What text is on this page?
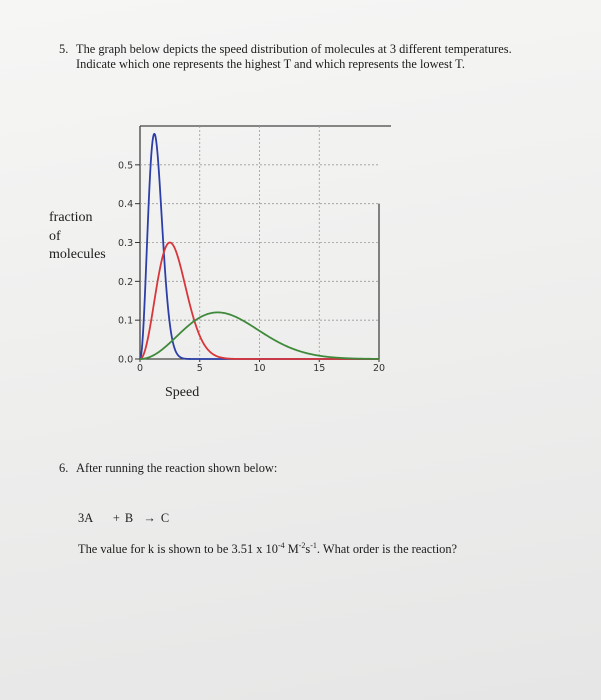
5. The graph below depicts the speed distribution of molecules at 3 different temperatures.
Indicate which one represents the highest T and which represents the lowest T.
fraction
of
molecules
0.0
0.1
0.2
0.3
0.4
0.5
0	5	10	15	20
Speed
6. After running the reaction shown below:
3A    + B  → C
The value for k is shown to be 3.51 x $10^{-4}$ $M^{-2}s^{-1}$. What order is the reaction?
